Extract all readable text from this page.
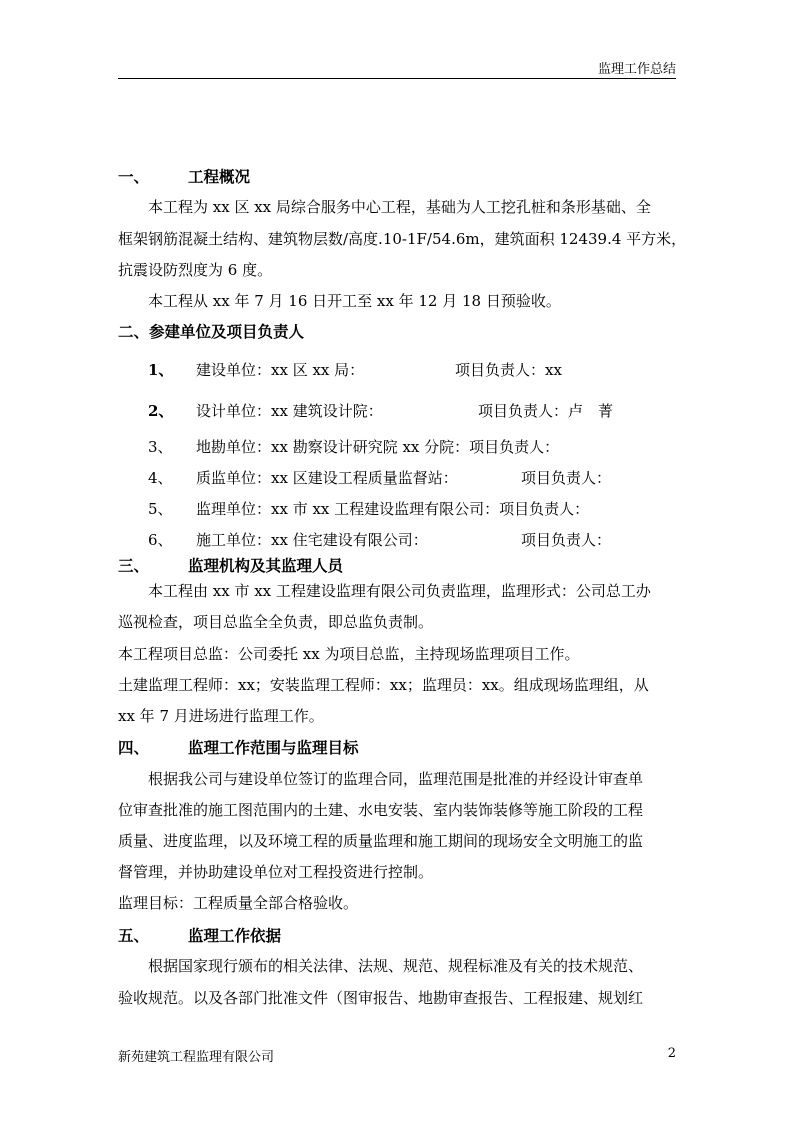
监理工作总结
一、	工程概况
本工程为 xx 区 xx 局综合服务中心工程，基础为人工挖孔桩和条形基础、全
框架钢筋混凝土结构、建筑物层数/高度.10-1F/54.6m，建筑面积 12439.4 平方米，
抗震设防烈度为 6 度。
本工程从 xx 年 7 月 16 日开工至 xx 年 12 月 18 日预验收。
二、参建单位及项目负责人
1、 建设单位：xx 区 xx 局：	项目负责人：xx
2、 设计单位：xx 建筑设计院：	项目负责人：卢　菁
3、 地勘单位：xx 勘察设计研究院 xx 分院：项目负责人：
4、 质监单位：xx 区建设工程质量监督站：	项目负责人：
5、 监理单位：xx 市 xx 工程建设监理有限公司：项目负责人：
6、 施工单位：xx 住宅建设有限公司：	项目负责人：
三、	监理机构及其监理人员
本工程由 xx 市 xx 工程建设监理有限公司负责监理，监理形式：公司总工办
巡视检查，项目总监全全负责，即总监负责制。
本工程项目总监：公司委托 xx 为项目总监，主持现场监理项目工作。
土建监理工程师：xx；安装监理工程师：xx；监理员：xx。组成现场监理组，从
xx 年 7 月进场进行监理工作。
四、	监理工作范围与监理目标
根据我公司与建设单位签订的监理合同，监理范围是批准的并经设计审查单
位审查批准的施工图范围内的土建、水电安装、室内装饰装修等施工阶段的工程
质量、进度监理，以及环境工程的质量监理和施工期间的现场安全文明施工的监
督管理，并协助建设单位对工程投资进行控制。
监理目标：工程质量全部合格验收。
五、	监理工作依据
根据国家现行颁布的相关法律、法规、规范、规程标准及有关的技术规范、
验收规范。以及各部门批准文件（图审报告、地勘审查报告、工程报建、规划红
新苑建筑工程监理有限公司	2
